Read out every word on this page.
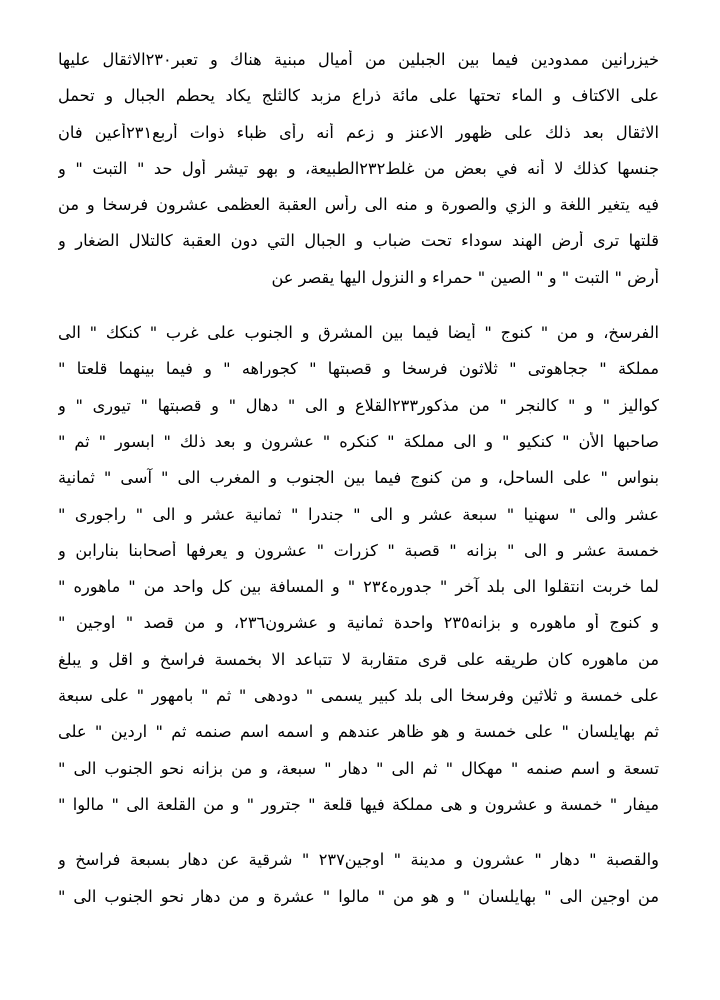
خيزرانين ممدودين فيما بين الجبلين من أميال مبنية هناك و تعبر٢٣٠الاثقال عليها
على الاكتاف و الماء تحتها على مائة ذراع مزبد كالثلج يكاد يحطم الجبال و تحمل
الاثقال بعد ذلك على ظهور الاعنز و زعم أنه رأى ظباء ذوات أربع٢٣١أعين فان
جنسها كذلك لا أنه في بعض من غلط٢٣٢الطبيعة، و بهو تيشر أول حد " التبت " و
فيه يتغير اللغة و الزي والصورة و منه الى رأس العقبة العظمى عشرون فرسخا و من
قلتها ترى أرض الهند سوداء تحت ضباب و الجبال التي دون العقبة كالتلال الضغار و
أرض " التبت " و " الصين " حمراء و النزول اليها يقصر عن
الفرسخ، و من " كنوج " أيضا فيما بين المشرق و الجنوب على غرب " كنكك " الى
مملكة " ججاهوتى " ثلاثون فرسخا و قصبتها " كجوراهه " و فيما بينهما قلعتا "
كواليز " و " كالنجر " من مذكور٢٣٣القلاع و الى " دهال " و قصبتها " تيورى " و
صاحبها الأن " كنكيو " و الى مملكة " كنكره " عشرون و بعد ذلك " ابسور " ثم "
بنواس " على الساحل، و من كنوج فيما بين الجنوب و المغرب الى " آسى " ثمانية
عشر والى " سهنيا " سبعة عشر و الى " جندرا " ثمانية عشر و الى " راجورى "
خمسة عشر و الى " بزانه " قصبة " كزرات " عشرون و يعرفها أصحابنا بنارابن و
لما خربت انتقلوا الى بلد آخر " جدوره٢٣٤ " و المسافة بين كل واحد من " ماهوره "
و كنوج أو ماهوره و بزانه٢٣٥ واحدة ثمانية و عشرون٢٣٦، و من قصد " اوجين "
من ماهوره كان طريقه على قرى متقاربة لا تتباعد الا بخمسة فراسخ و اقل و يبلغ
على خمسة و ثلاثين وفرسخا الى بلد كبير يسمى " دودهى " ثم " بامهور " على سبعة
ثم بهايلسان " على خمسة و هو ظاهر عندهم و اسمه اسم صنمه ثم " اردين " على
تسعة و اسم صنمه " مهكال " ثم الى " دهار " سبعة، و من بزانه نحو الجنوب الى "
ميفار " خمسة و عشرون و هى مملكة فيها قلعة " جترور " و من القلعة الى " مالوا "
والقصبة " دهار " عشرون و مدينة " اوجين٢٣٧ " شرقية عن دهار بسبعة فراسخ و
من اوجين الى " بهايلسان " و هو من " مالوا " عشرة و من دهار نحو الجنوب الى "
